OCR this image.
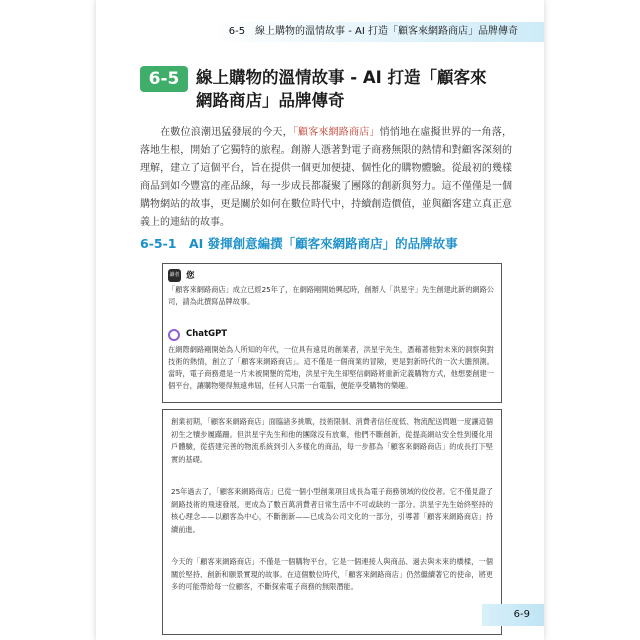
6-5　線上購物的溫情故事 - AI 打造「顧客來網路商店」品牌傳奇
6-5	線上購物的溫情故事 - AI 打造「顧客來
網路商店」品牌傳奇
在數位浪潮迅猛發展的今天，「顧客來網路商店」悄悄地在虛擬世界的一角落，落地生根，開始了它獨特的旅程。創辦人憑著對電子商務無限的熱情和對顧客深刻的理解，建立了這個平台，旨在提供一個更加便捷、個性化的購物體驗。從最初的幾樣商品到如今豐富的產品線，每一步成長都凝聚了團隊的創新與努力。這不僅僅是一個購物網站的故事，更是關於如何在數位時代中，持續創造價值，並與顧客建立真正意義上的連結的故事。
6-5-1　AI 發揮創意編撰「顧客來網路商店」的品牌故事
讀者 您
「顧客來網路商店」成立已經25年了，在網路剛開始興起時，創辦人「洪星宇」先生創建此新的網路公司，請為此撰寫品牌故事。
ChatGPT
在網際網路剛開始為人所知的年代，一位具有遠見的創業者，洪星宇先生，憑藉著他對未來的洞察與對技術的熱情，創立了「顧客來網路商店」。這不僅是一個商業的冒險，更是對新時代的一次大膽預測。當時，電子商務還是一片未被開墾的荒地，洪星宇先生卻堅信網路將重新定義購物方式，他想要創建一個平台，讓購物變得無遠弗屆，任何人只需一台電腦，便能享受購物的樂趣。

創業初期，「顧客來網路商店」面臨諸多挑戰，技術限制、消費者信任度低、物流配送問題一度讓這個初生之犢步履蹣跚。但洪星宇先生和他的團隊沒有放棄，他們不斷創新，從提高網站安全性到優化用戶體驗，從搭建完善的物流系統到引入多樣化的商品，每一步都為「顧客來網路商店」的成長打下堅實的基礎。

25年過去了，「顧客來網路商店」已從一個小型創業項目成長為電子商務領域的佼佼者。它不僅見證了網路技術的飛速發展，更成為了數百萬消費者日常生活中不可或缺的一部分。洪星宇先生始終堅持的核心理念——以顧客為中心，不斷創新——已成為公司文化的一部分，引導著「顧客來網路商店」持續前進。

今天的「顧客來網路商店」不僅是一個購物平台，它是一個連接人與商品、過去與未來的橋樑，一個關於堅持、創新和願景實現的故事。在這個數位時代，「顧客來網路商店」仍然繼續著它的使命，將更多的可能帶給每一位顧客，不斷探索電子商務的無限潛能。

6-9
